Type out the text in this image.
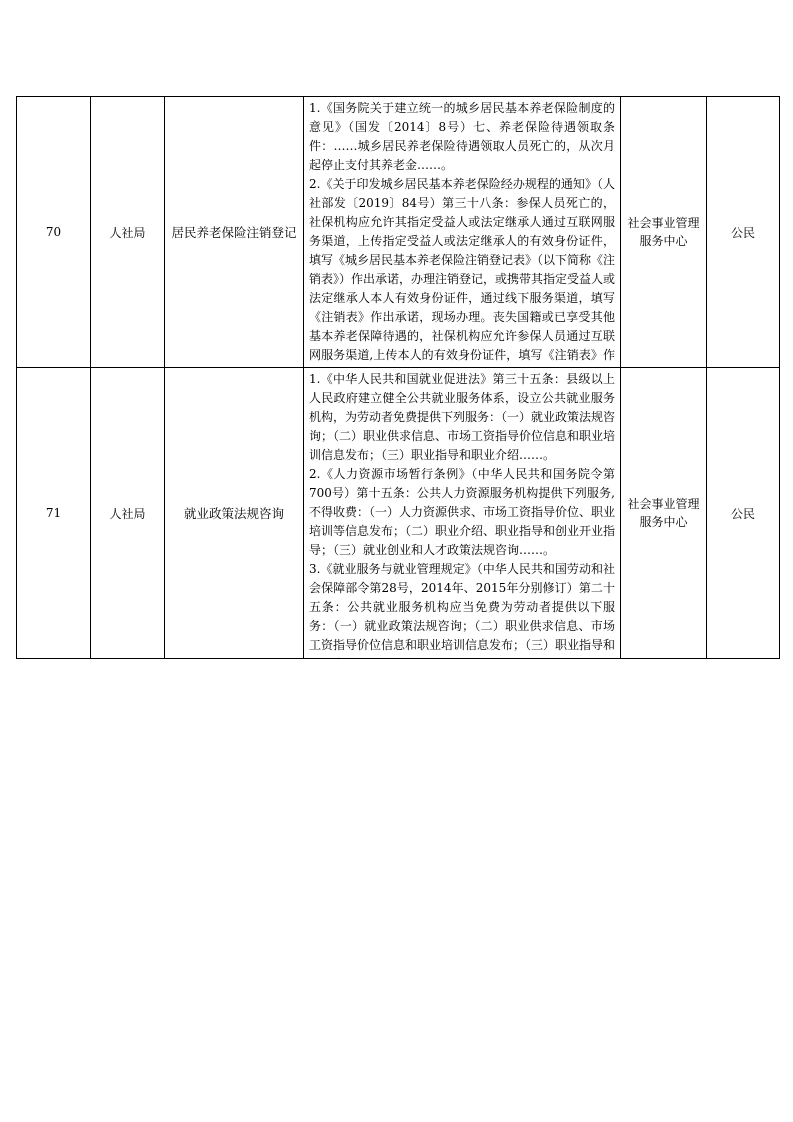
70	人社局	居民养老保险注销登记	1.《国务院关于建立统一的城乡居民基本养老保险制度的意见》（国发〔2014〕8号）七、养老保险待遇领取条件：……城乡居民养老保险待遇领取人员死亡的，从次月起停止支付其养老金……。

2.《关于印发城乡居民基本养老保险经办规程的通知》（人社部发〔2019〕84号）第三十八条：参保人员死亡的，社保机构应允许其指定受益人或法定继承人通过互联网服务渠道，上传指定受益人或法定继承人的有效身份证件，填写《城乡居民基本养老保险注销登记表》（以下简称《注销表》）作出承诺，办理注销登记，或携带其指定受益人或法定继承人本人有效身份证件，通过线下服务渠道，填写《注销表》作出承诺，现场办理。丧失国籍或已享受其他基本养老保障待遇的，社保机构应允许参保人员通过互联网服务渠道,上传本人的有效身份证件，填写《注销表》作	社会事业管理服务中心	公民
71	人社局	就业政策法规咨询	1.《中华人民共和国就业促进法》第三十五条：县级以上人民政府建立健全公共就业服务体系，设立公共就业服务机构，为劳动者免费提供下列服务：（一）就业政策法规咨询；（二）职业供求信息、市场工资指导价位信息和职业培训信息发布；（三）职业指导和职业介绍……。

2.《人力资源市场暂行条例》（中华人民共和国务院令第700号）第十五条：公共人力资源服务机构提供下列服务,不得收费：（一）人力资源供求、市场工资指导价位、职业培训等信息发布；（二）职业介绍、职业指导和创业开业指导；（三）就业创业和人才政策法规咨询……。

3.《就业服务与就业管理规定》（中华人民共和国劳动和社会保障部令第28号，2014年、2015年分别修订）第二十五条：公共就业服务机构应当免费为劳动者提供以下服务：（一）就业政策法规咨询；（二）职业供求信息、市场工资指导价位信息和职业培训信息发布；（三）职业指导和	社会事业管理服务中心	公民
